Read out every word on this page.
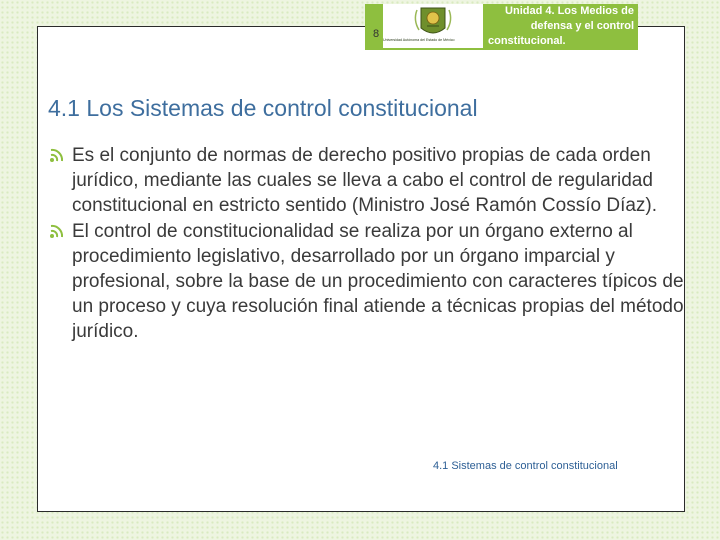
8 Universidad Autónoma del Estado de México
Unidad 4. Los Medios de
defensa y el control
constitucional.
4.1 Los Sistemas de control constitucional

Es el conjunto de normas de derecho positivo propias de cada orden jurídico, mediante las cuales se lleva a cabo el control de regularidad constitucional en estricto sentido (Ministro José Ramón Cossío Díaz).

El control de constitucionalidad se realiza por un órgano externo al procedimiento legislativo, desarrollado por un órgano imparcial y profesional, sobre la base de un procedimiento con caracteres típicos de un proceso y cuya resolución final atiende a técnicas propias del método jurídico.

4.1 Sistemas de control constitucional
